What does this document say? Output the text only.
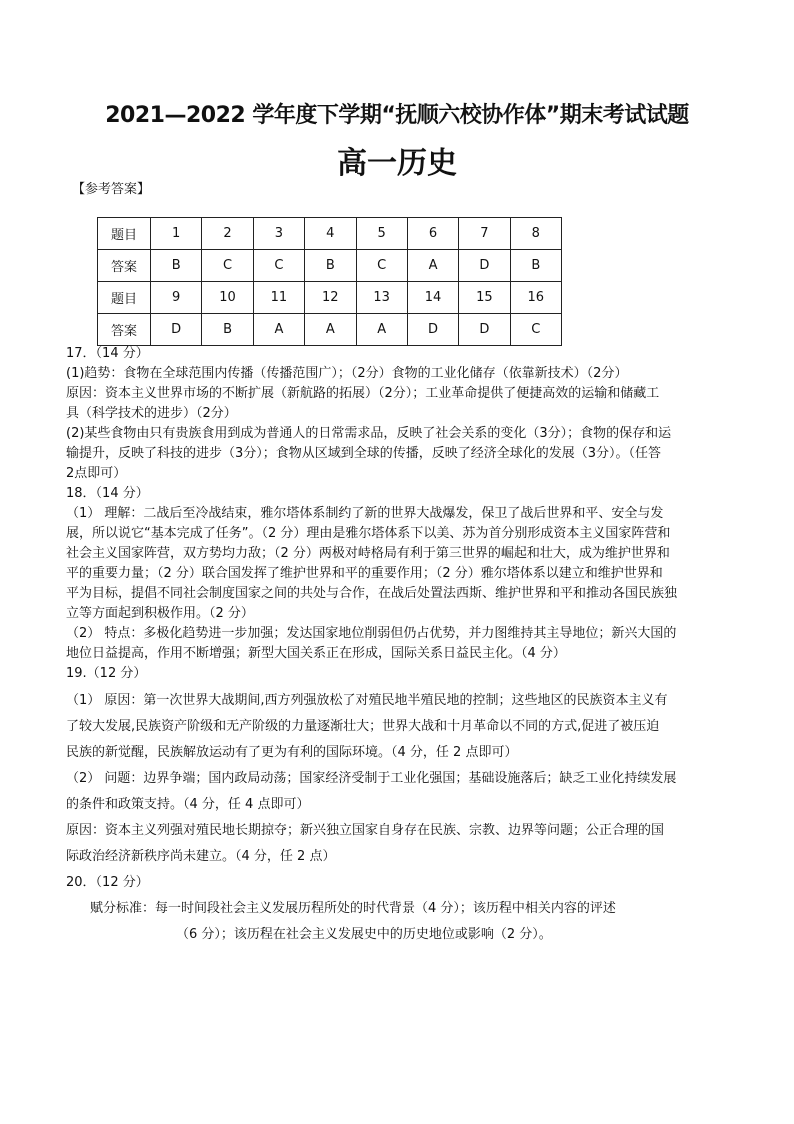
2021—2022 学年度下学期“抚顺六校协作体”期末考试试题
高一历史
【参考答案】
题目	1	2	3	4	5	6	7	8
答案	B	C	C	B	C	A	D	B
题目	9	10	11	12	13	14	15	16
答案	D	B	A	A	A	D	D	C

17．（14 分）

(1)趋势：食物在全球范围内传播（传播范围广）；（2分）食物的工业化储存（依靠新技术）（2分）

原因：资本主义世界市场的不断扩展（新航路的拓展）（2分）；工业革命提供了便捷高效的运输和储藏工

具（科学技术的进步）（2分）

(2)某些食物由只有贵族食用到成为普通人的日常需求品，反映了社会关系的变化（3分）；食物的保存和运

输提升，反映了科技的进步（3分）；食物从区域到全球的传播，反映了经济全球化的发展（3分）。（任答

2点即可）

18．（14 分）

（1） 理解：二战后至冷战结束，雅尔塔体系制约了新的世界大战爆发，保卫了战后世界和平、安全与发

展，所以说它“基本完成了任务”。（2 分）理由是雅尔塔体系下以美、苏为首分别形成资本主义国家阵营和

社会主义国家阵营，双方势均力敌；（2 分）两极对峙格局有利于第三世界的崛起和壮大，成为维护世界和

平的重要力量；（2 分）联合国发挥了维护世界和平的重要作用；（2 分）雅尔塔体系以建立和维护世界和

平为目标，提倡不同社会制度国家之间的共处与合作，在战后处置法西斯、维护世界和平和推动各国民族独

立等方面起到积极作用。（2 分）

（2） 特点：多极化趋势进一步加强；发达国家地位削弱但仍占优势，并力图维持其主导地位；新兴大国的

地位日益提高，作用不断增强；新型大国关系正在形成，国际关系日益民主化。（4 分）

19.（12 分）

（1） 原因：第一次世界大战期间,西方列强放松了对殖民地半殖民地的控制；这些地区的民族资本主义有

了较大发展,民族资产阶级和无产阶级的力量逐渐壮大；世界大战和十月革命以不同的方式,促进了被压迫

民族的新觉醒，民族解放运动有了更为有利的国际环境。（4 分，任 2 点即可）

（2） 问题：边界争端；国内政局动荡；国家经济受制于工业化强国；基础设施落后；缺乏工业化持续发展

的条件和政策支持。（4 分，任 4 点即可）

原因：资本主义列强对殖民地长期掠夺；新兴独立国家自身存在民族、宗教、边界等问题；公正合理的国

际政治经济新秩序尚未建立。（4 分，任 2 点）

20．（12 分）

赋分标准：每一时间段社会主义发展历程所处的时代背景（4 分）；该历程中相关内容的评述

（6 分）；该历程在社会主义发展史中的历史地位或影响（2 分）。
